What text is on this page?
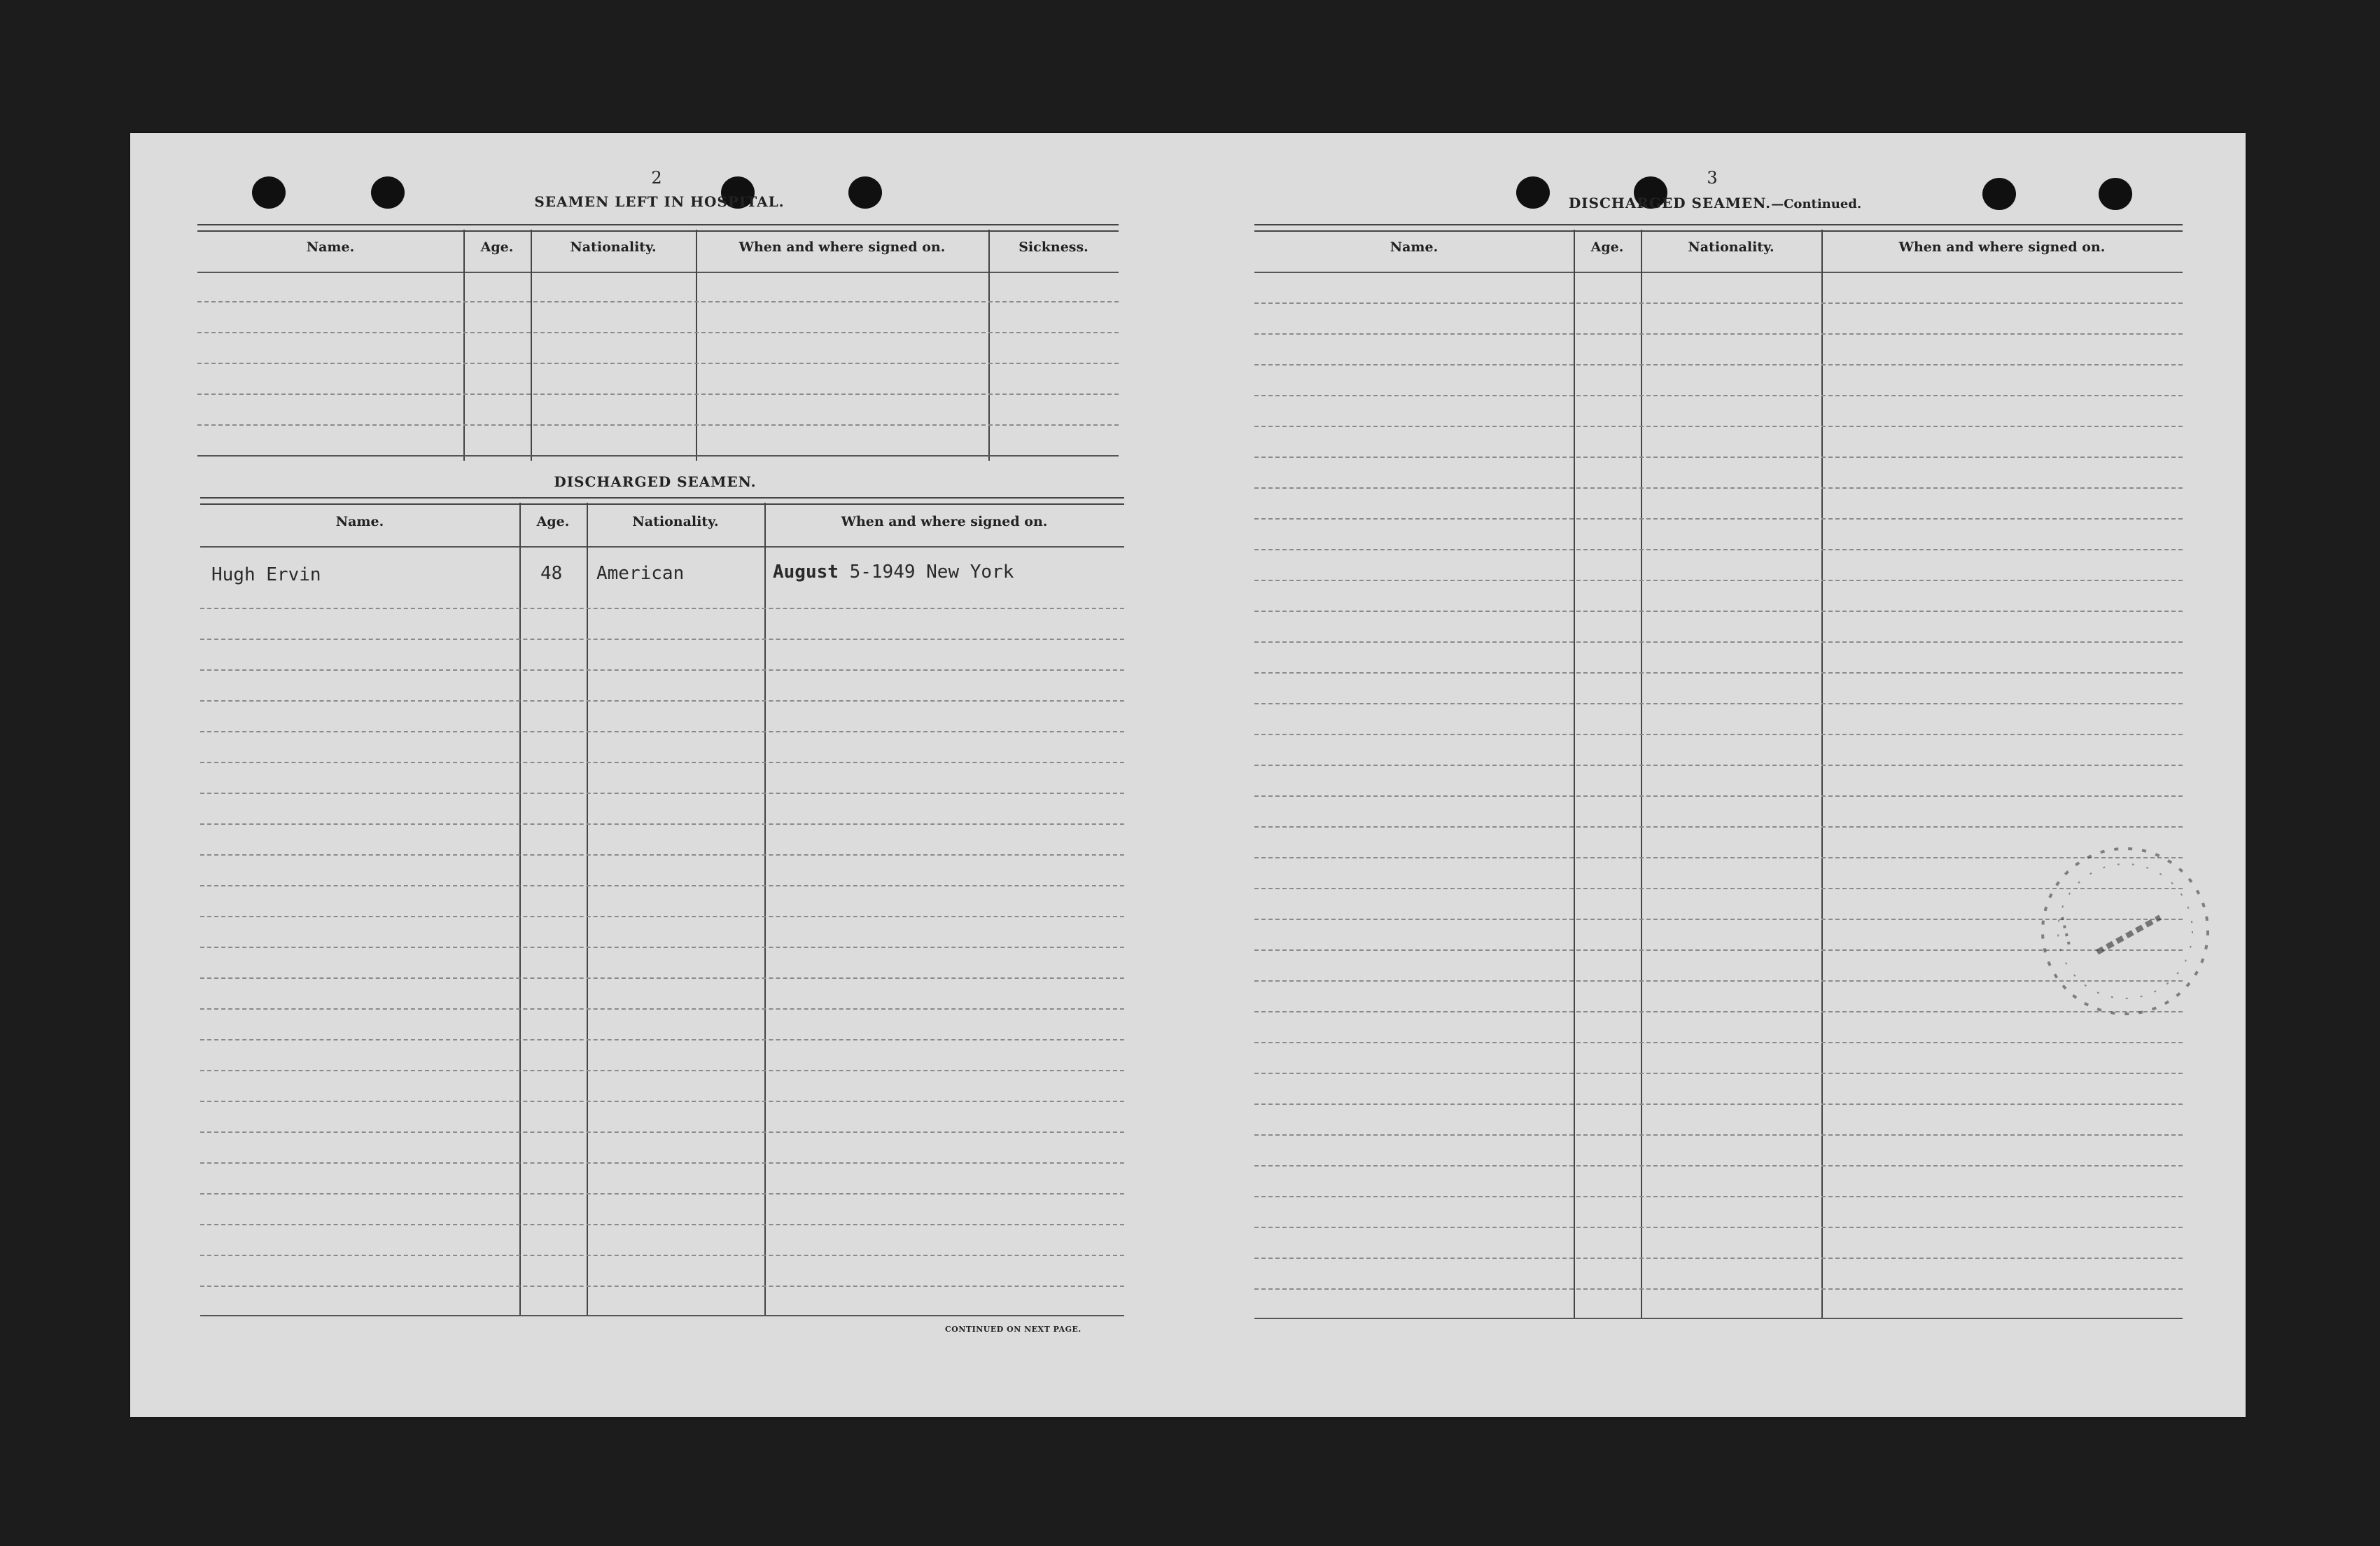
2
SEAMEN LEFT IN HOSPITAL.
Name.	Age.	Nationality.	When and where signed on.	Sickness.
DISCHARGED SEAMEN.
Name.	Age.	Nationality.	When and where signed on.
Hugh Ervin	48 American	August 5-1949 New York
CONTINUED ON NEXT PAGE.
3
DISCHARGED SEAMEN.—Continued.
Name.	Age.	Nationality.	When and where signed on.
